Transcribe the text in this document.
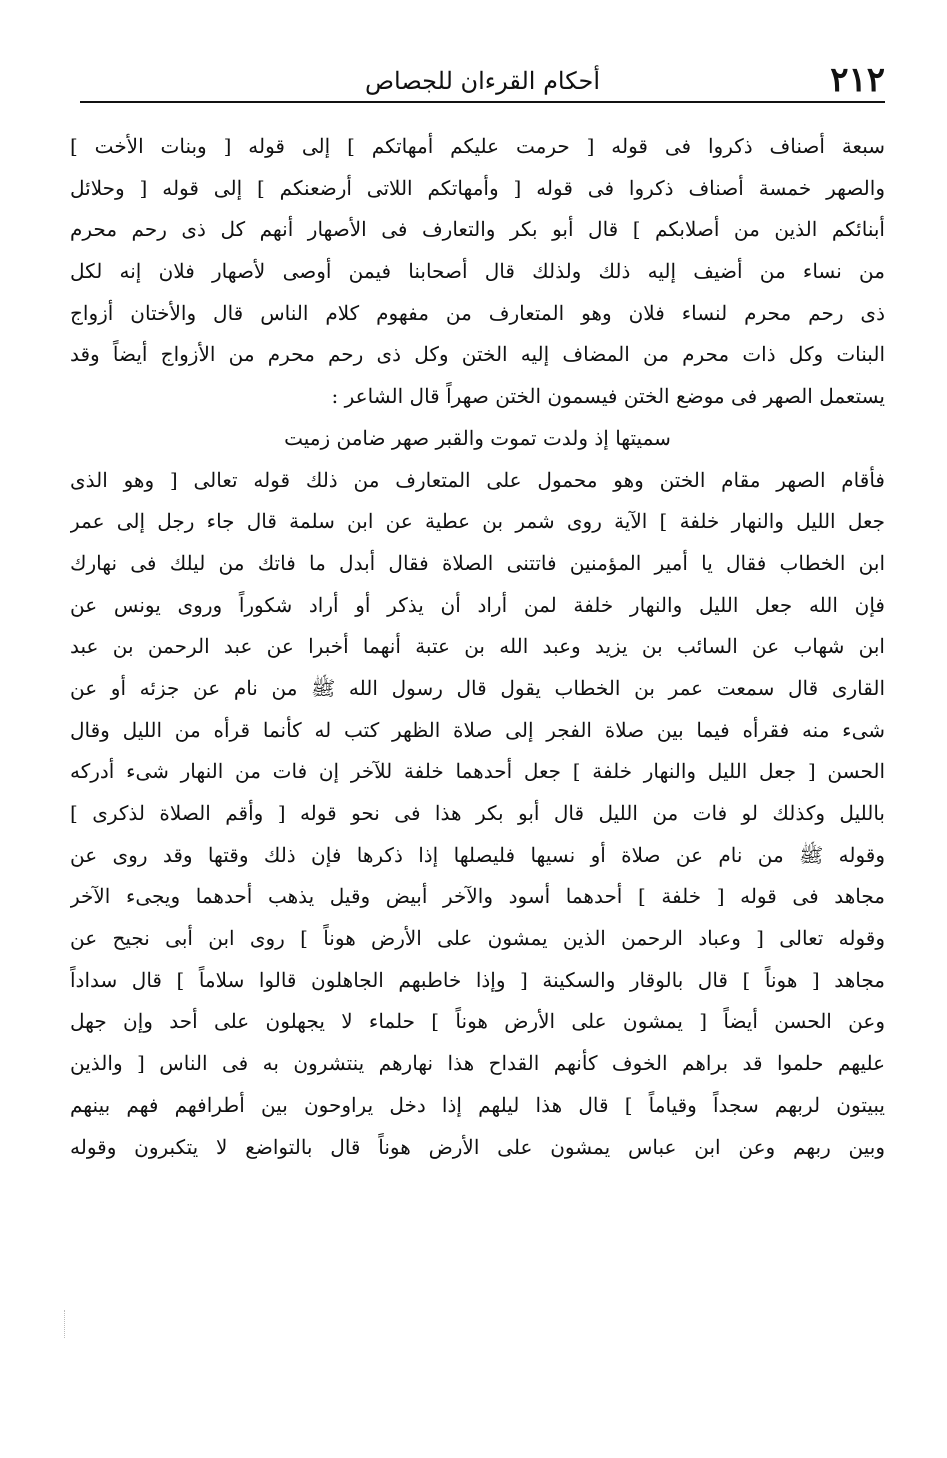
٢١٢
أحكام القرءان للجصاص
سبعة أصناف ذكروا فى قوله [ حرمت عليكم أمهاتكم ] إلى قوله [ وبنات الأخت ]
والصهر خمسة أصناف ذكروا فى قوله [ وأمهاتكم اللاتى أرضعنكم ] إلى قوله [ وحلائل
أبنائكم الذين من أصلابكم ] قال أبو بكر والتعارف فى الأصهار أنهم كل ذى رحم محرم
من نساء من أضيف إليه ذلك ولذلك قال أصحابنا فيمن أوصى لأصهار فلان إنه لكل
ذى رحم محرم لنساء فلان وهو المتعارف من مفهوم كلام الناس قال والأختان أزواج
البنات وكل ذات محرم من المضاف إليه الختن وكل ذى رحم محرم من الأزواج أيضاً وقد
يستعمل الصهر فى موضع الختن فيسمون الختن صهراً قال الشاعر :
سميتها إذ ولدت تموت والقبر صهر ضامن زميت
فأقام الصهر مقام الختن وهو محمول على المتعارف من ذلك قوله تعالى [ وهو الذى
جعل الليل والنهار خلفة ] الآية روى شمر بن عطية عن ابن سلمة قال جاء رجل إلى عمر
ابن الخطاب فقال يا أمير المؤمنين فاتتنى الصلاة فقال أبدل ما فاتك من ليلك فى نهارك
فإن الله جعل الليل والنهار خلفة لمن أراد أن يذكر أو أراد شكوراً وروى يونس عن
ابن شهاب عن السائب بن يزيد وعبد الله بن عتبة أنهما أخبرا عن عبد الرحمن بن عبد
القارى قال سمعت عمر بن الخطاب يقول قال رسول الله ﷺ من نام عن جزئه أو عن
شىء منه فقرأه فيما بين صلاة الفجر إلى صلاة الظهر كتب له كأنما قرأه من الليل وقال
الحسن [ جعل الليل والنهار خلفة ] جعل أحدهما خلفة للآخر إن فات من النهار شىء أدركه
بالليل وكذلك لو فات من الليل قال أبو بكر هذا فى نحو قوله [ وأقم الصلاة لذكرى ]
وقوله ﷺ من نام عن صلاة أو نسيها فليصلها إذا ذكرها فإن ذلك وقتها وقد روى عن
مجاهد فى قوله [ خلفة ] أحدهما أسود والآخر أبيض وقيل يذهب أحدهما ويجىء الآخر
وقوله تعالى [ وعباد الرحمن الذين يمشون على الأرض هوناً ] روى ابن أبى نجيح عن
مجاهد [ هوناً ] قال بالوقار والسكينة [ وإذا خاطبهم الجاهلون قالوا سلاماً ] قال سداداً
وعن الحسن أيضاً [ يمشون على الأرض هوناً ] حلماء لا يجهلون على أحد وإن جهل
عليهم حلموا قد براهم الخوف كأنهم القداح هذا نهارهم ينتشرون به فى الناس [ والذين
يبيتون لربهم سجداً وقياماً ] قال هذا ليلهم إذا دخل يراوحون بين أطرافهم فهم بينهم
وبين ربهم وعن ابن عباس يمشون على الأرض هوناً قال بالتواضع لا يتكبرون وقوله
